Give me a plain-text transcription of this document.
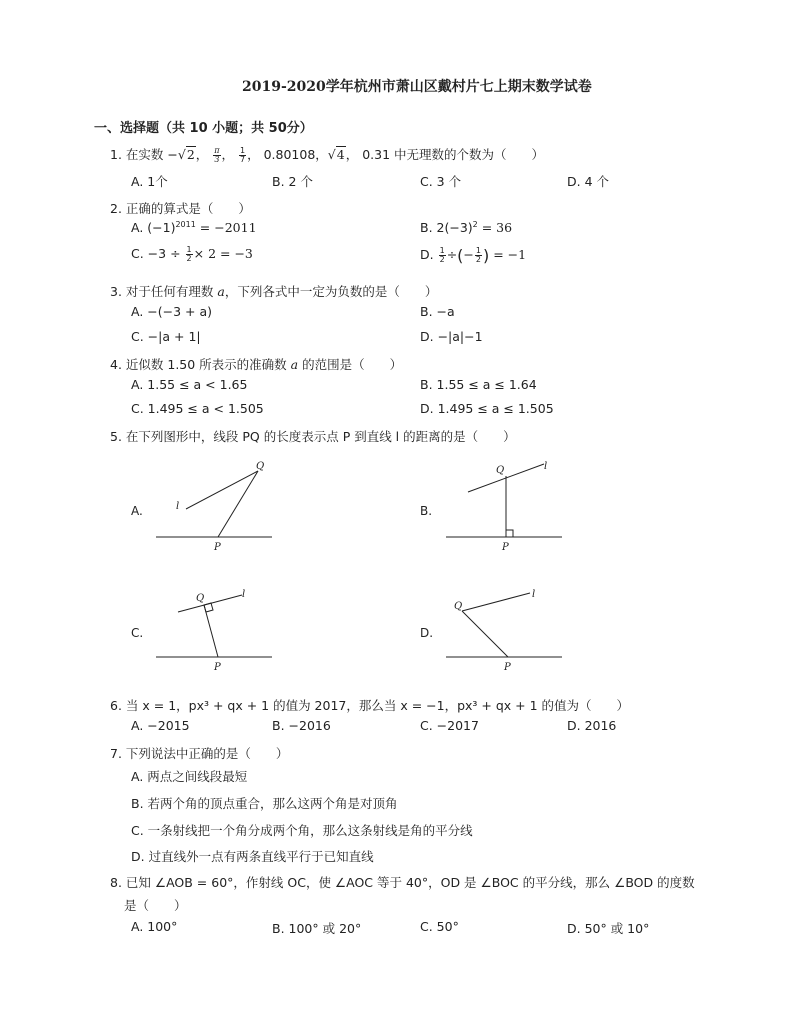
2019-2020学年杭州市萧山区戴村片七上期末数学试卷
一、选择题（共 10 小题；共 50分）
1. 在实数 −√2， $\frac{\pi}{3}$ ， $\frac{1}{7}$ ， 0.80108，√4， 0.31 中无理数的个数为（　　）
A. 1个	B. 2 个	C. 3 个	D. 4 个
2. 正确的算式是（　　）
A. $(-1)^{2011} = -2011$	B. $2(-3)^2 = 36$
C. $-3 \div \frac{1}{2} \times 2 = -3$	D. $\frac{1}{2}$ ÷(− $\frac{1}{2}$ ) = −1
3. 对于任何有理数 a，下列各式中一定为负数的是（　　）
A. −(−3 + a)	B. −a
C. −|a + 1|	D. −|a|−1
4. 近似数 1.50 所表示的准确数 a 的范围是（　　）
A. 1.55 ≤ a < 1.65	B. 1.55 ≤ a ≤ 1.64
C. 1.495 ≤ a < 1.505	D. 1.495 ≤ a ≤ 1.505
5. 在下列图形中，线段 PQ 的长度表示点 P 到直线 l 的距离的是（　　）
A.
Q
l
P
B.
Q	l
P
C.
Q	l
P
D.
Q
l
P
6. 当 x = 1，px³ + qx + 1 的值为 2017，那么当 x = −1，px³ + qx + 1 的值为（　　）
A. −2015	B. −2016	C. −2017	D. 2016
7. 下列说法中正确的是（　　）
A. 两点之间线段最短
B. 若两个角的顶点重合，那么这两个角是对顶角
C. 一条射线把一个角分成两个角，那么这条射线是角的平分线
D. 过直线外一点有两条直线平行于已知直线
8. 已知 ∠AOB = 60°，作射线 OC，使 ∠AOC 等于 40°，OD 是 ∠BOC 的平分线，那么 ∠BOD 的度数
是（　　）
A. 100°	B. 100° 或 20°	C. 50°	D. 50° 或 10°
